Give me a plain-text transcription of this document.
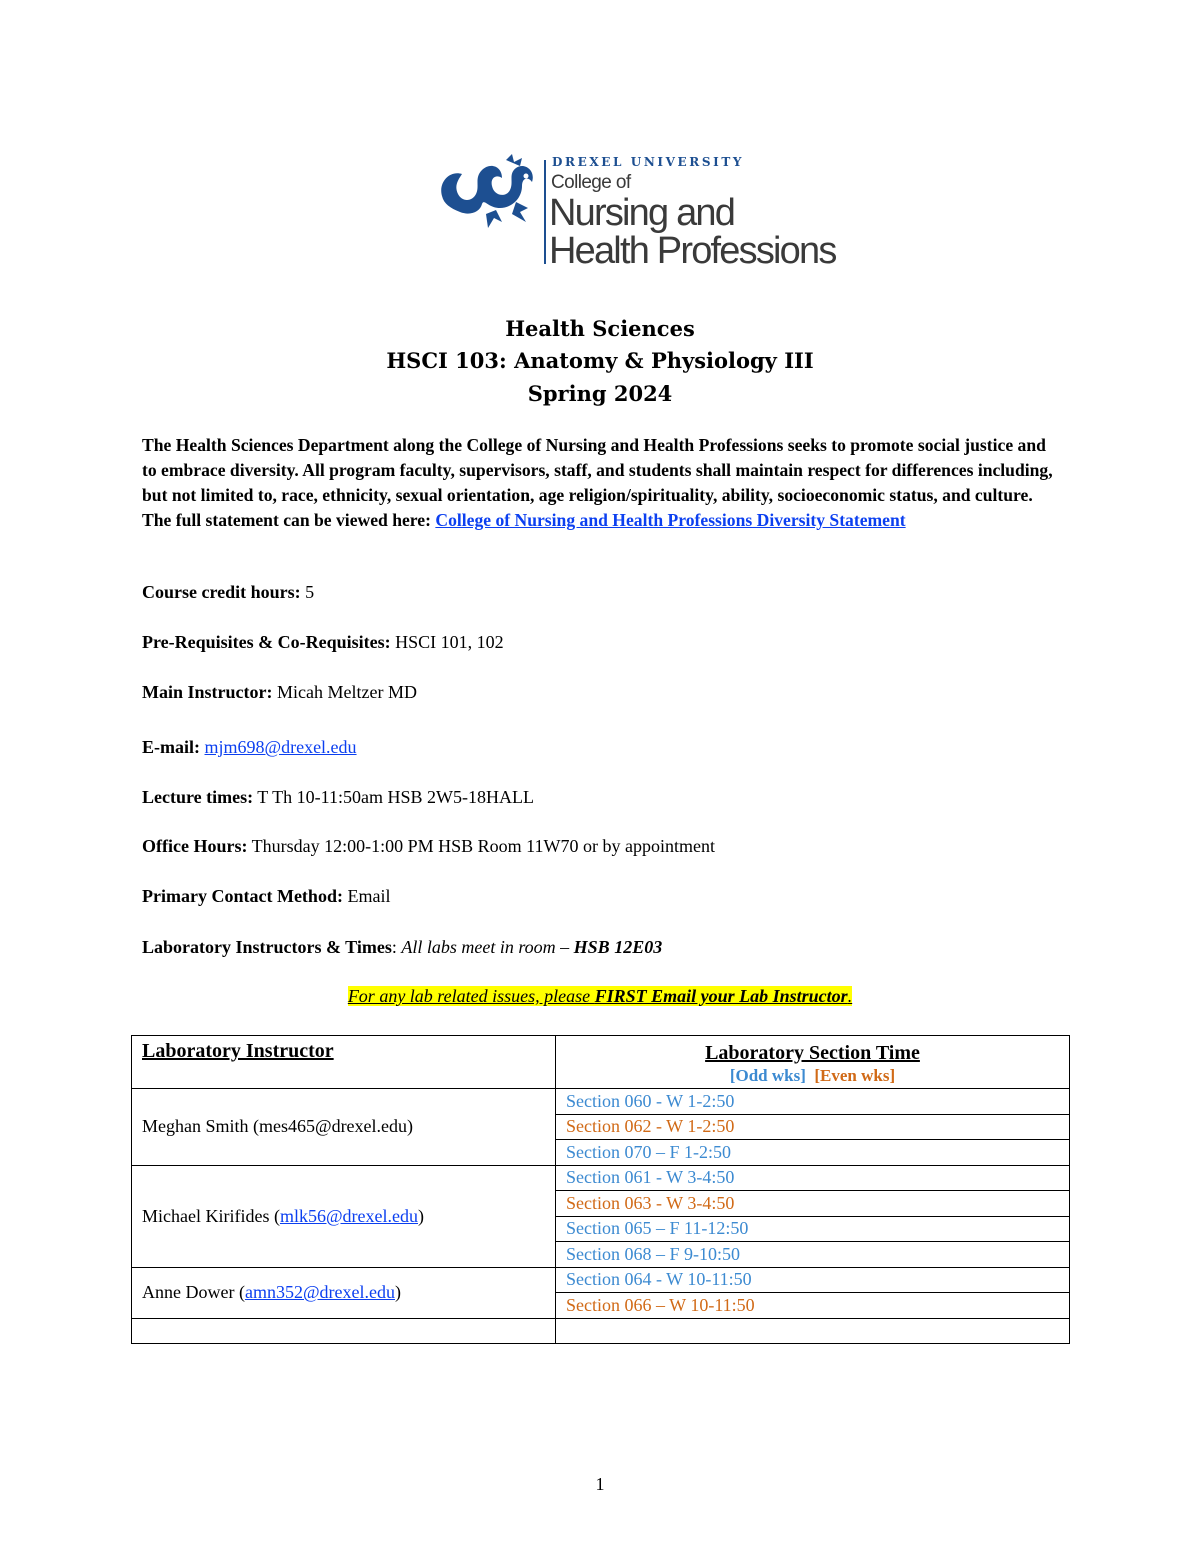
DREXEL UNIVERSITY
College of
Nursing and
Health Professions
Health Sciences
HSCI 103: Anatomy & Physiology III
Spring 2024
The Health Sciences Department along the College of Nursing and Health Professions seeks to promote social justice and to embrace diversity. All program faculty, supervisors, staff, and students shall maintain respect for differences including, but not limited to, race, ethnicity, sexual orientation, age religion/spirituality, ability, socioeconomic status, and culture. The full statement can be viewed here: College of Nursing and Health Professions Diversity Statement
Course credit hours: 5
Pre-Requisites & Co-Requisites: HSCI 101, 102
Main Instructor: Micah Meltzer MD
E-mail: mjm698@drexel.edu
Lecture times: T Th 10-11:50am HSB 2W5-18HALL
Office Hours: Thursday 12:00-1:00 PM HSB Room 11W70 or by appointment
Primary Contact Method: Email
Laboratory Instructors & Times: All labs meet in room – HSB 12E03
For any lab related issues, please FIRST Email your Lab Instructor.
Laboratory Instructor	Laboratory Section Time
[Odd wks] [Even wks]

Meghan Smith (mes465@drexel.edu)	Section 060 - W 1-2:50
	Section 062 - W 1-2:50
	Section 070 – F 1-2:50
Michael Kirifides (mlk56@drexel.edu)	Section 061 - W 3-4:50
	Section 063 - W 3-4:50
	Section 065 – F 11-12:50
	Section 068 – F 9-10:50
Anne Dower (amn352@drexel.edu)	Section 064 - W 10-11:50
	Section 066 – W 10-11:50

1
